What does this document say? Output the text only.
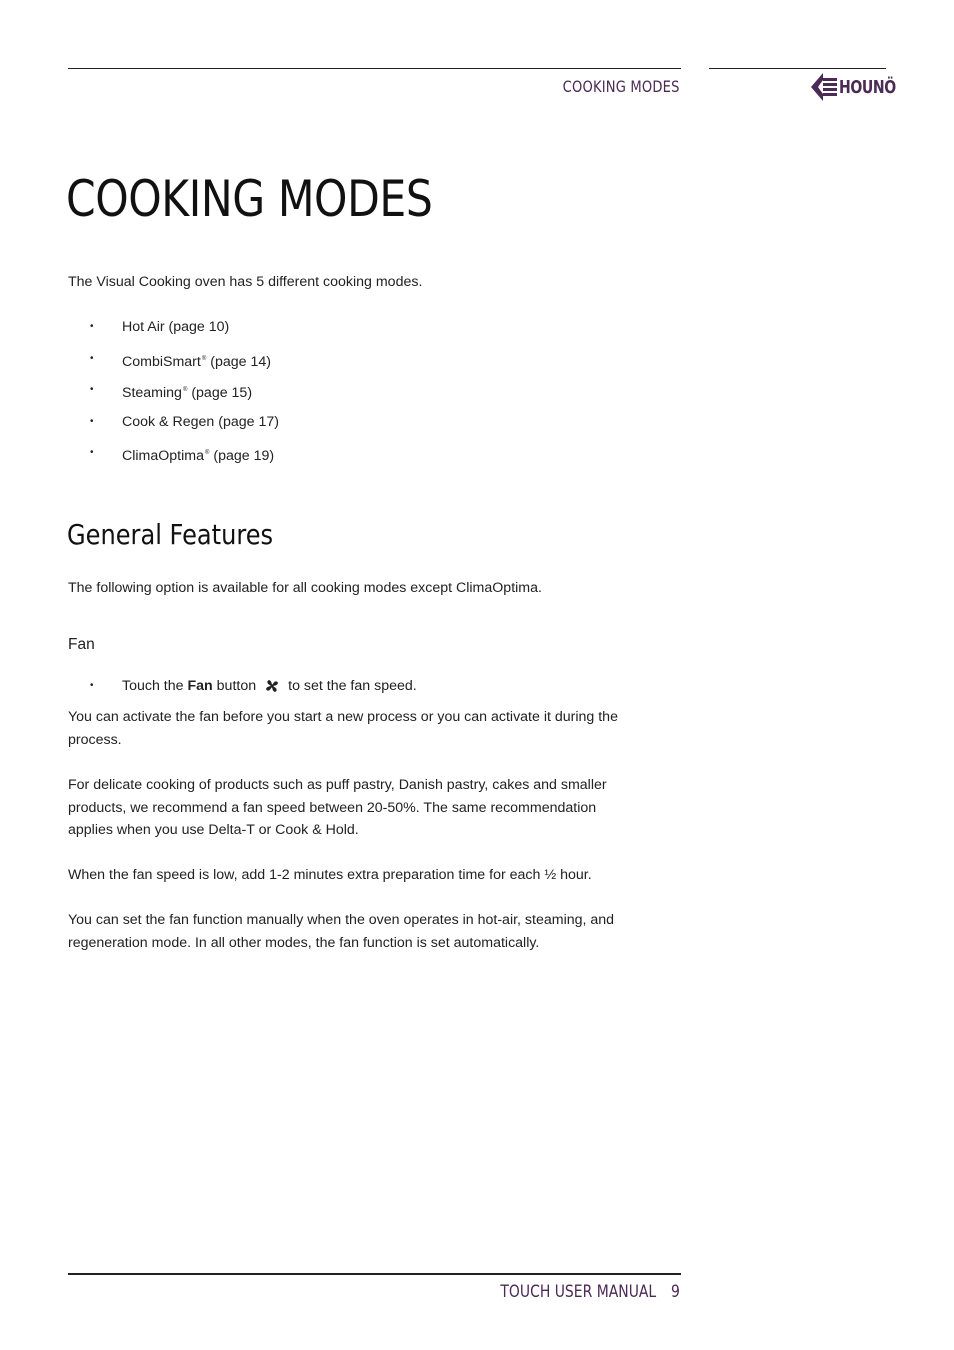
COOKING MODES	HOUNÖ
COOKING MODES

The Visual Cooking oven has 5 different cooking modes.

• Hot Air (page 10)
• CombiSmart® (page 14)
• Steaming® (page 15)
• Cook & Regen (page 17)
• ClimaOptima® (page 19)
General Features

The following option is available for all cooking modes except ClimaOptima.

Fan
• Touch the
Fan
button to set the fan speed.

You can activate the fan before you start a new process or you can activate it during the process.

For delicate cooking of products such as puff pastry, Danish pastry, cakes and smaller products, we recommend a fan speed between 20-50%. The same recommendation applies when you use Delta-T or Cook & Hold.

When the fan speed is low, add 1-2 minutes extra preparation time for each ½ hour.

You can set the fan function manually when the oven operates in hot-air, steaming, and regeneration mode. In all other modes, the fan function is set automatically.

TOUCH USER MANUAL 9
